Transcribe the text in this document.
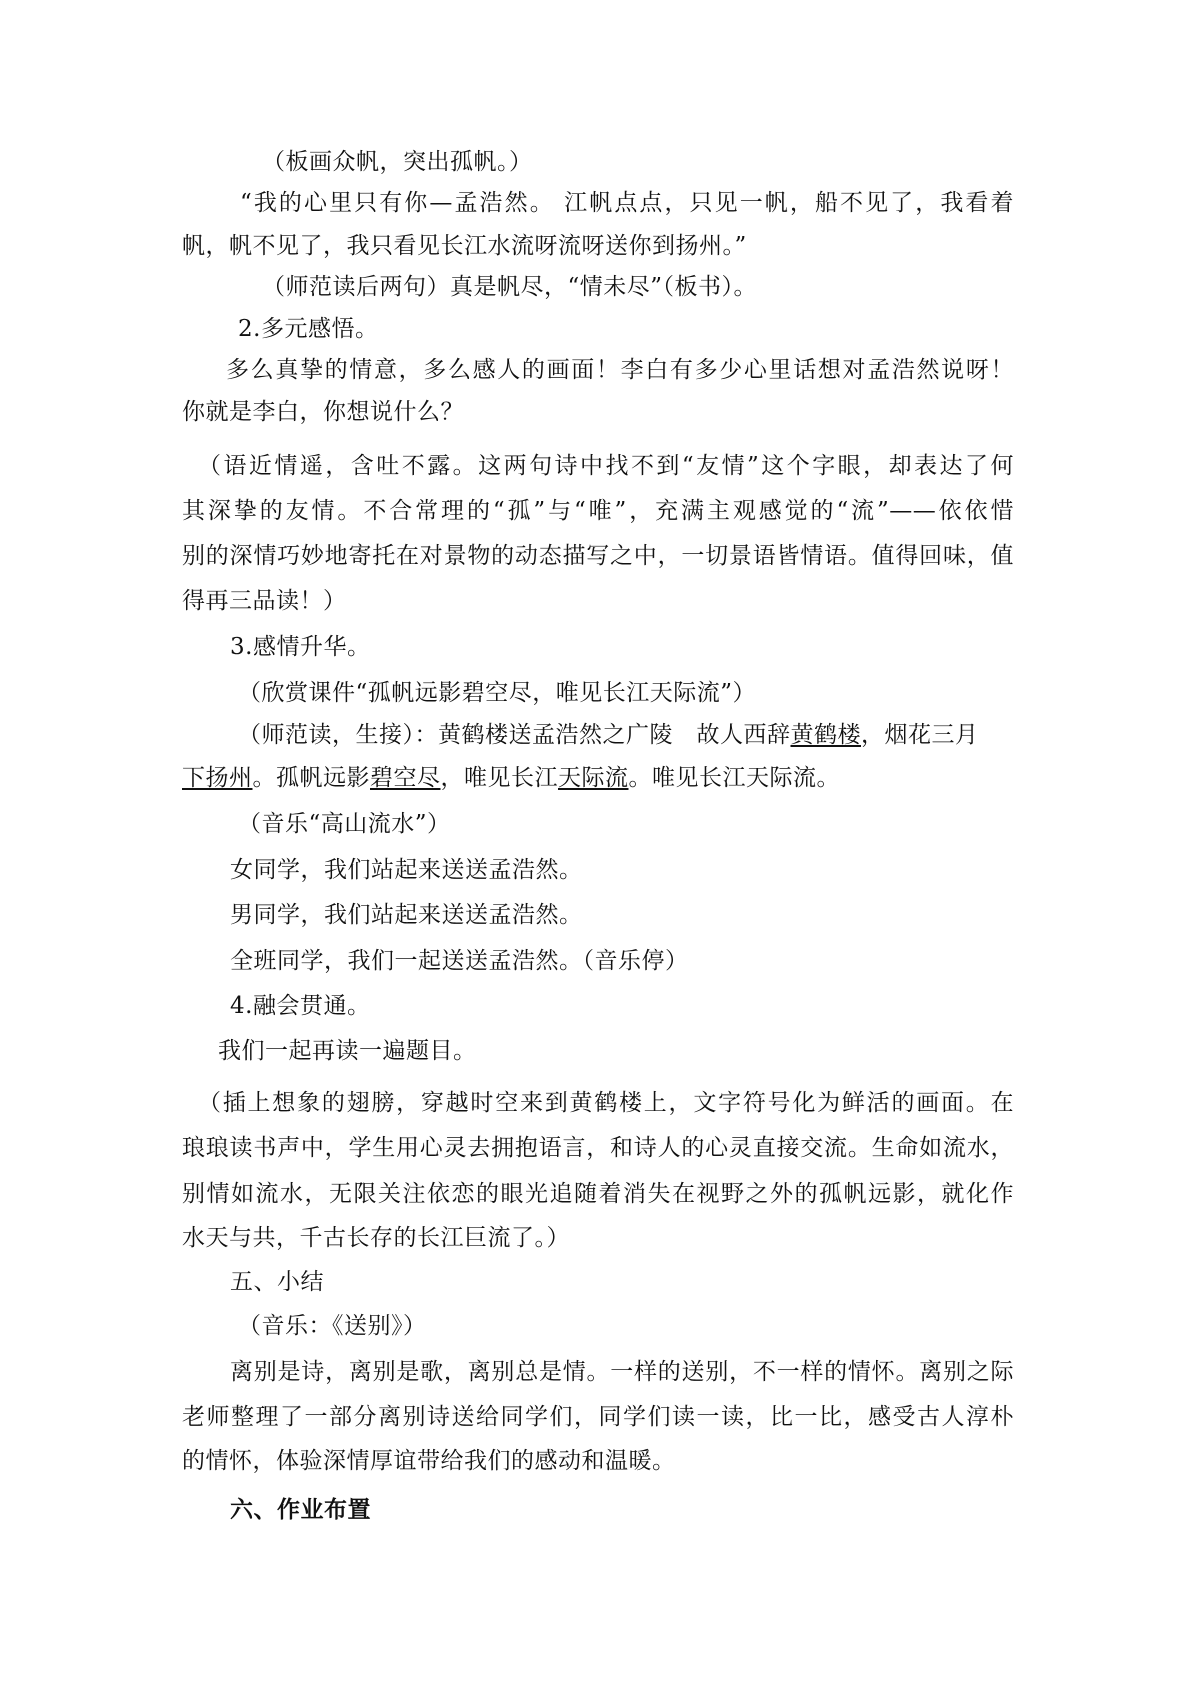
（板画众帆，突出孤帆。）
“我的心里只有你—孟浩然。 江帆点点，只见一帆，船不见了，我看着
帆，帆不见了，我只看见长江水流呀流呀送你到扬州。”
（师范读后两句）真是帆尽，“情未尽”（板书）。
2.多元感悟。
多么真挚的情意，多么感人的画面！李白有多少心里话想对孟浩然说呀！
你就是李白，你想说什么？
（语近情遥，含吐不露。这两句诗中找不到“友情”这个字眼，却表达了何
其深挚的友情。不合常理的“孤”与“唯”，充满主观感觉的“流”——依依惜
别的深情巧妙地寄托在对景物的动态描写之中，一切景语皆情语。值得回味，值
得再三品读！）
3.感情升华。
（欣赏课件“孤帆远影碧空尽，唯见长江天际流”）
（师范读，生接）：黄鹤楼送孟浩然之广陵　故人西辞黄鹤楼，烟花三月
下扬州。孤帆远影碧空尽，唯见长江天际流。唯见长江天际流。
（音乐“高山流水”）
女同学，我们站起来送送孟浩然。
男同学，我们站起来送送孟浩然。
全班同学，我们一起送送孟浩然。（音乐停）
4.融会贯通。
我们一起再读一遍题目。
（插上想象的翅膀，穿越时空来到黄鹤楼上，文字符号化为鲜活的画面。在
琅琅读书声中，学生用心灵去拥抱语言，和诗人的心灵直接交流。生命如流水，
别情如流水，无限关注依恋的眼光追随着消失在视野之外的孤帆远影，就化作
水天与共，千古长存的长江巨流了。）
五、小结
（音乐：《送别》）
离别是诗，离别是歌，离别总是情。一样的送别，不一样的情怀。离别之际
老师整理了一部分离别诗送给同学们，同学们读一读，比一比，感受古人淳朴
的情怀，体验深情厚谊带给我们的感动和温暖。
六、作业布置
